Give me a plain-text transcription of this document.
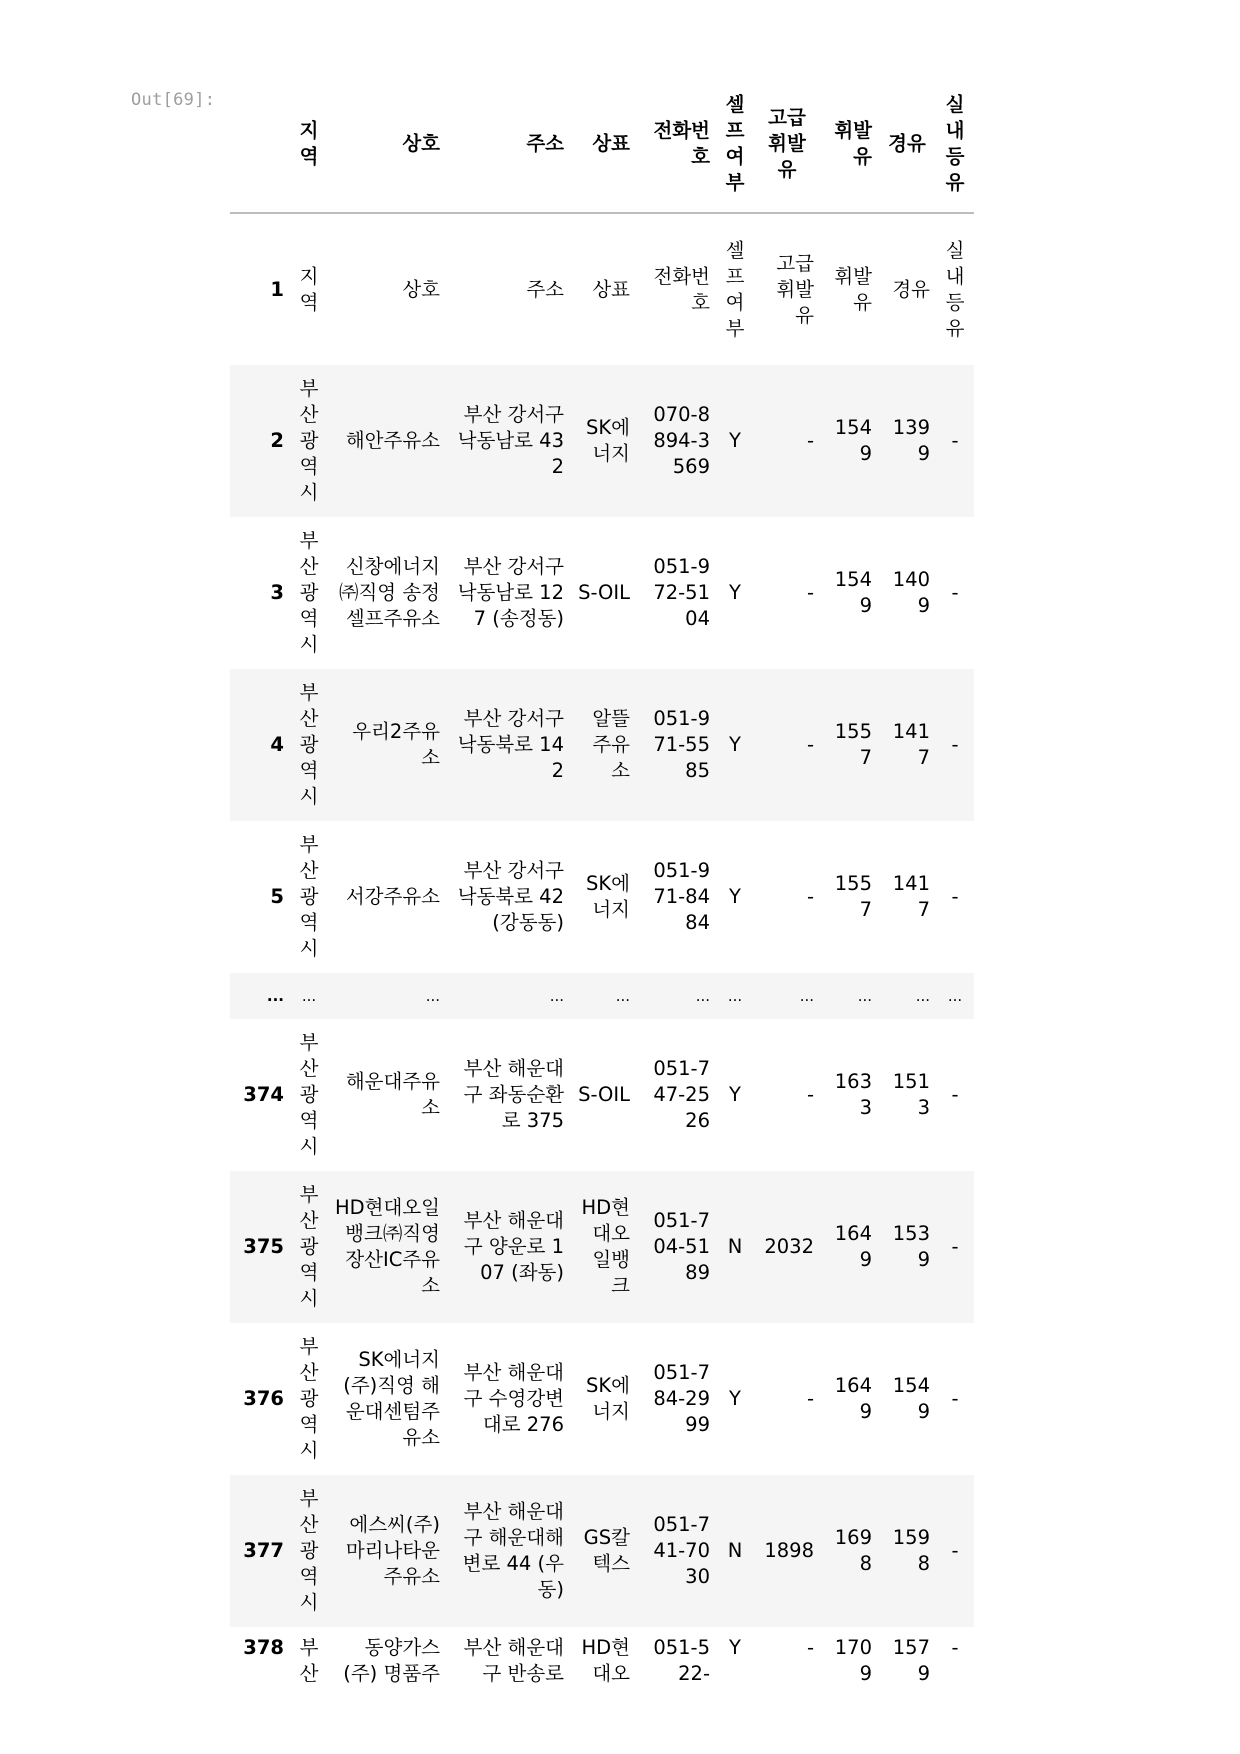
Out[69]:
	지역	상호	주소	상표	전화번호	셀프여부	고급휘발유	휘발유	경유	실내등유
1	지역	상호	주소	상표	전화번호	셀프여부	고급휘발유	휘발유	경유	실내등유
2	부산광역시	해안주유소	부산 강서구 낙동남로 432	SK에너지	070-8894-3569	Y	-	1549	1399	-
3	부산광역시	신창에너지㈜직영 송정셀프주유소	부산 강서구 낙동남로 127 (송정동)	S-OIL	051-972-5104	Y	-	1549	1409	-
4	부산광역시	우리2주유소	부산 강서구 낙동북로 142	알뜰주유소	051-971-5585	Y	-	1557	1417	-
5	부산광역시	서강주유소	부산 강서구 낙동북로 42 (강동동)	SK에너지	051-971-8484	Y	-	1557	1417	-
...	...	...	...	...	...	...	...	...	...	...
374	부산광역시	해운대주유소	부산 해운대구 좌동순환로 375	S-OIL	051-747-2526	Y	-	1633	1513	-
375	부산광역시	HD현대오일뱅크㈜직영 장산IC주유소	부산 해운대구 양운로 107 (좌동)	HD현대오일뱅크	051-704-5189	N	2032	1649	1539	-
376	부산광역시	SK에너지(주)직영 해운대센텀주유소	부산 해운대구 수영강변대로 276	SK에너지	051-784-2999	Y	-	1649	1549	-
377	부산광역시	에스씨(주)마리나타운주유소	부산 해운대구 해운대해변로 44 (우동)	GS칼텍스	051-741-7030	N	1898	1698	1598	-
378	부산	동양가스(주) 명품주	부산 해운대구 반송로	HD현대오	051-522-	Y	-	1709	1579	-
